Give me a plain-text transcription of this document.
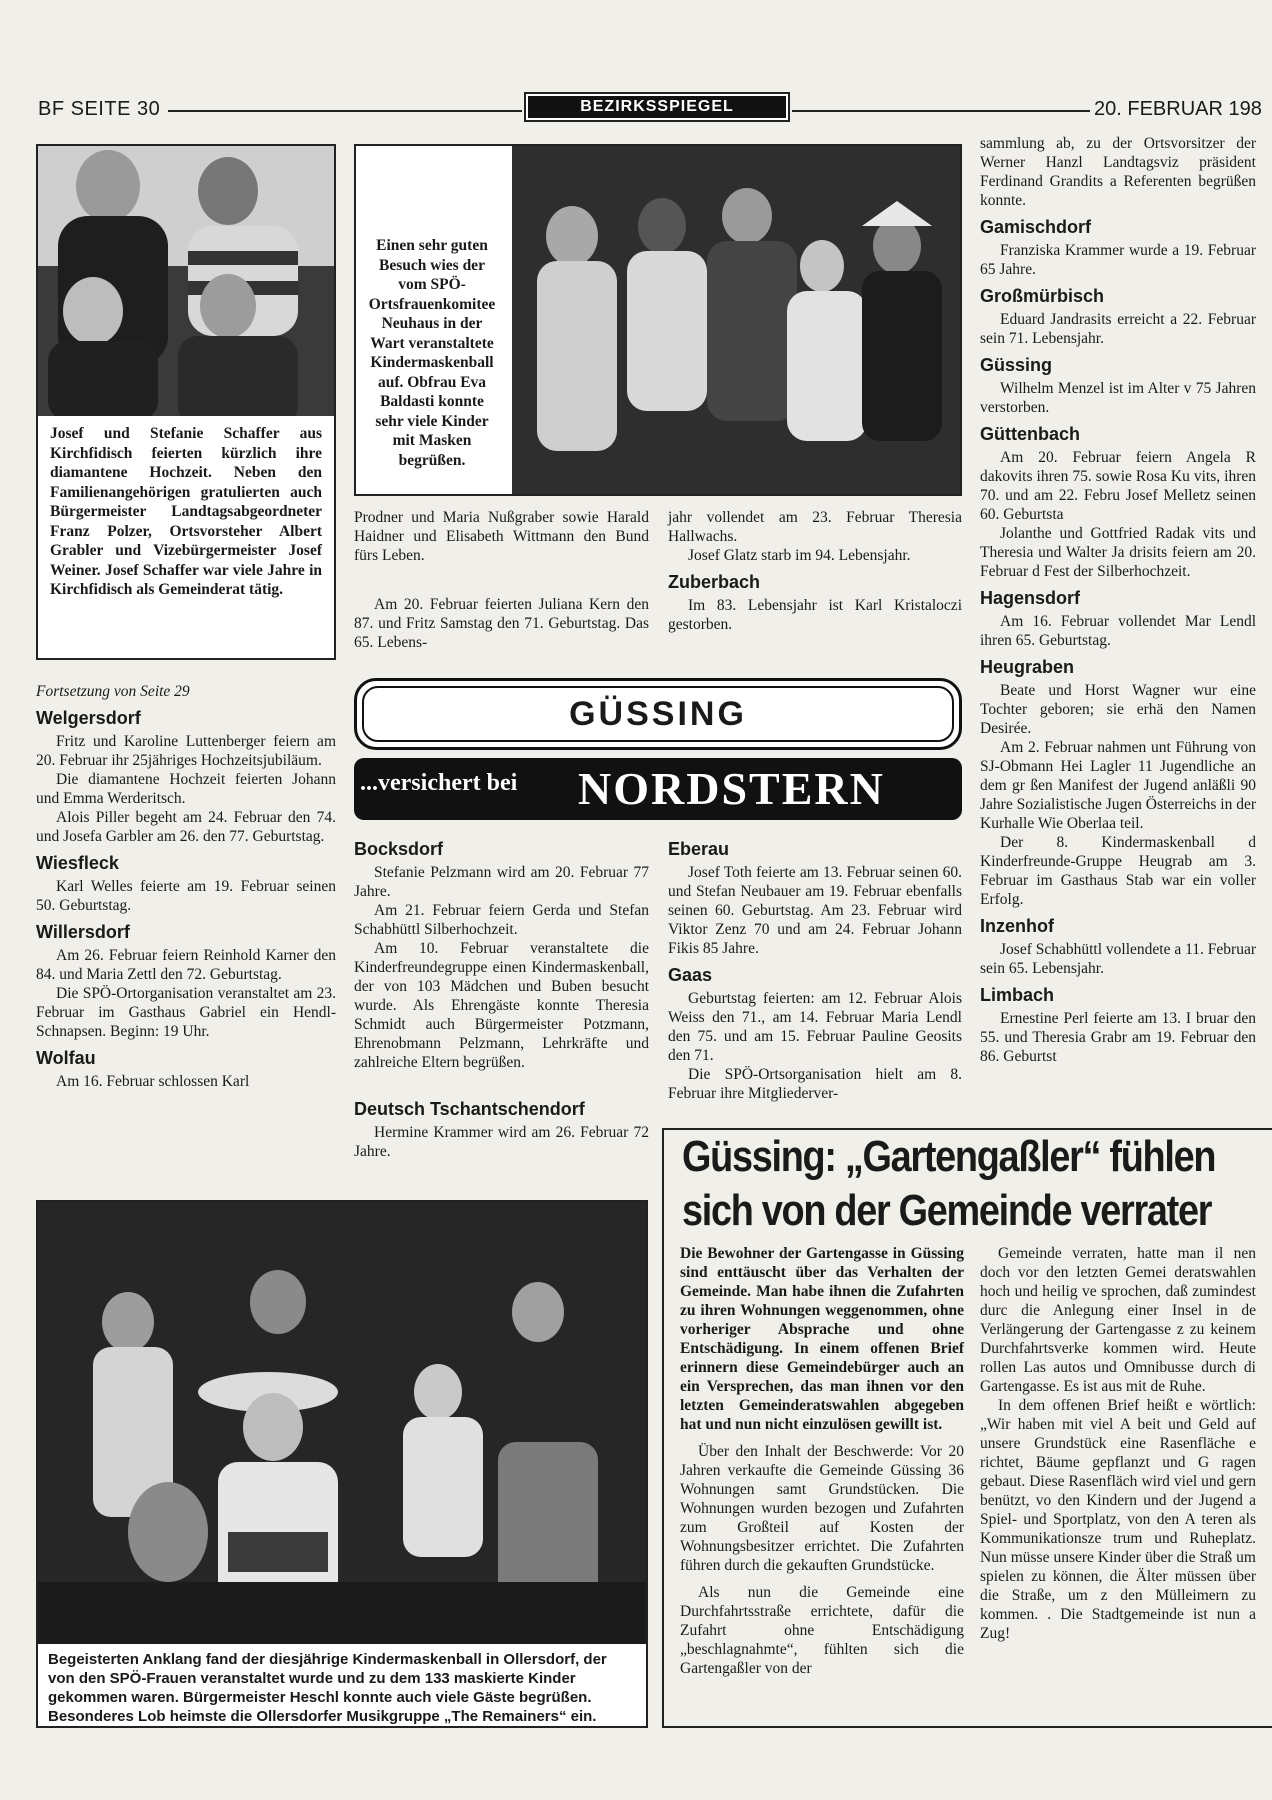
BF SEITE 30	BEZIRKSSPIEGEL	20. FEBRUAR 198
Josef und Stefanie Schaffer aus Kirchfidisch feierten kürzlich ihre diamantene Hochzeit. Neben den Familienangehörigen gratulierten auch Bürgermeister Landtagsabgeordneter Franz Polzer, Ortsvorsteher Albert Grabler und Vizebürgermeister Josef Weiner. Josef Schaffer war viele Jahre in Kirchfidisch als Gemeinderat tätig.
Einen sehr guten Besuch wies der vom SPÖ-Ortsfrauenkomitee Neuhaus in der Wart veranstaltete Kindermaskenball auf. Obfrau Eva Baldasti konnte sehr viele Kinder mit Masken begrüßen.
Fortsetzung von Seite 29
Welgersdorf

Fritz und Karoline Luttenberger feiern am 20. Februar ihr 25jähriges Hochzeitsjubiläum.

Die diamantene Hochzeit feierten Johann und Emma Werderitsch.

Alois Piller begeht am 24. Februar den 74. und Josefa Garbler am 26. den 77. Geburtstag.

Wiesfleck

Karl Welles feierte am 19. Februar seinen 50. Geburtstag.

Willersdorf

Am 26. Februar feiern Reinhold Karner den 84. und Maria Zettl den 72. Geburtstag.

Die SPÖ-Ortorganisation veranstaltet am 23. Februar im Gasthaus Gabriel ein Hendl-Schnapsen. Beginn: 19 Uhr.

Wolfau

Am 16. Februar schlossen Karl

Prodner und Maria Nußgraber sowie Harald Haidner und Elisabeth Wittmann den Bund fürs Leben.

Am 20. Februar feierten Juliana Kern den 87. und Fritz Samstag den 71. Geburtstag. Das 65. Lebens-

jahr vollendet am 23. Februar Theresia Hallwachs.

Josef Glatz starb im 94. Lebensjahr.

Zuberbach

Im 83. Lebensjahr ist Karl Kristaloczi gestorben.

GÜSSING
...versichert bei NORDSTERN
Bocksdorf

Stefanie Pelzmann wird am 20. Februar 77 Jahre.

Am 21. Februar feiern Gerda und Stefan Schabhüttl Silberhochzeit.

Am 10. Februar veranstaltete die Kinderfreundegruppe einen Kindermaskenball, der von 103 Mädchen und Buben besucht wurde. Als Ehrengäste konnte Theresia Schmidt auch Bürgermeister Potzmann, Ehrenobmann Pelzmann, Lehrkräfte und zahlreiche Eltern begrüßen.

Deutsch Tschantschendorf

Hermine Krammer wird am 26. Februar 72 Jahre.

Eberau

Josef Toth feierte am 13. Februar seinen 60. und Stefan Neubauer am 19. Februar ebenfalls seinen 60. Geburtstag. Am 23. Februar wird Viktor Zenz 70 und am 24. Februar Johann Fikis 85 Jahre.

Gaas

Geburtstag feierten: am 12. Februar Alois Weiss den 71., am 14. Februar Maria Lendl den 75. und am 15. Februar Pauline Geosits den 71.

Die SPÖ-Ortsorganisation hielt am 8. Februar ihre Mitgliederver-

sammlung ab, zu der Ortsvorsitzer der Werner Hanzl Landtagsviz präsident Ferdinand Grandits a Referenten begrüßen konnte.

Gamischdorf

Franziska Krammer wurde a 19. Februar 65 Jahre.

Großmürbisch

Eduard Jandrasits erreicht a 22. Februar sein 71. Lebensjahr.

Güssing

Wilhelm Menzel ist im Alter v 75 Jahren verstorben.

Güttenbach

Am 20. Februar feiern Angela R dakovits ihren 75. sowie Rosa Ku vits, ihren 70. und am 22. Febru Josef Melletz seinen 60. Geburtsta

Jolanthe und Gottfried Radak vits und Theresia und Walter Ja drisits feiern am 20. Februar d Fest der Silberhochzeit.

Hagensdorf

Am 16. Februar vollendet Mar Lendl ihren 65. Geburtstag.

Heugraben

Beate und Horst Wagner wur eine Tochter geboren; sie erhä den Namen Desirée.

Am 2. Februar nahmen unt Führung von SJ-Obmann Hei Lagler 11 Jugendliche an dem gr ßen Manifest der Jugend anläßli 90 Jahre Sozialistische Jugen Österreichs in der Kurhalle Wie Oberlaa teil.

Der 8. Kindermaskenball d Kinderfreunde-Gruppe Heugrab am 3. Februar im Gasthaus Stab war ein voller Erfolg.

Inzenhof

Josef Schabhüttl vollendete a 11. Februar sein 65. Lebensjahr.

Limbach

Ernestine Perl feierte am 13. I bruar den 55. und Theresia Grabr am 19. Februar den 86. Geburtst

Begeisterten Anklang fand der diesjährige Kindermaskenball in Ollersdorf, der von den SPÖ-Frauen veranstaltet wurde und zu dem 133 maskierte Kinder gekommen waren. Bürgermeister Heschl konnte auch viele Gäste begrüßen. Besonderes Lob heimste die Ollersdorfer Musikgruppe „The Remainers“ ein.
Güssing: „Gartengaßler“ fühlen
sich von der Gemeinde verrater

Die Bewohner der Gartengasse in Güssing sind enttäuscht über das Verhalten der Gemeinde. Man habe ihnen die Zufahrten zu ihren Wohnungen weggenommen, ohne vorheriger Absprache und ohne Entschädigung. In einem offenen Brief erinnern diese Gemeindebürger auch an ein Versprechen, das man ihnen vor den letzten Gemeinderatswahlen abgegeben hat und nun nicht einzulösen gewillt ist.

Über den Inhalt der Beschwerde: Vor 20 Jahren verkaufte die Gemeinde Güssing 36 Wohnungen samt Grundstücken. Die Wohnungen wurden bezogen und Zufahrten zum Großteil auf Kosten der Wohnungsbesitzer errichtet. Die Zufahrten führen durch die gekauften Grundstücke.

Als nun die Gemeinde eine Durchfahrtsstraße errichtete, dafür die Zufahrt ohne Entschädigung „beschlagnahmte“, fühlten sich die Gartengaßler von der

Gemeinde verraten, hatte man il nen doch vor den letzten Gemei deratswahlen hoch und heilig ve sprochen, daß zumindest durc die Anlegung einer Insel in de Verlängerung der Gartengasse z zu keinem Durchfahrtsverke kommen wird. Heute rollen Las autos und Omnibusse durch di Gartengasse. Es ist aus mit de Ruhe.

In dem offenen Brief heißt e wörtlich: „Wir haben mit viel A beit und Geld auf unsere Grundstück eine Rasenfläche e richtet, Bäume gepflanzt und G ragen gebaut. Diese Rasenfläch wird viel und gern benützt, vo den Kindern und der Jugend a Spiel- und Sportplatz, von den A teren als Kommunikationsze trum und Ruheplatz. Nun müsse unsere Kinder über die Straß um spielen zu können, die Älter müssen über die Straße, um z den Mülleimern zu kommen. . Die Stadtgemeinde ist nun a Zug!
